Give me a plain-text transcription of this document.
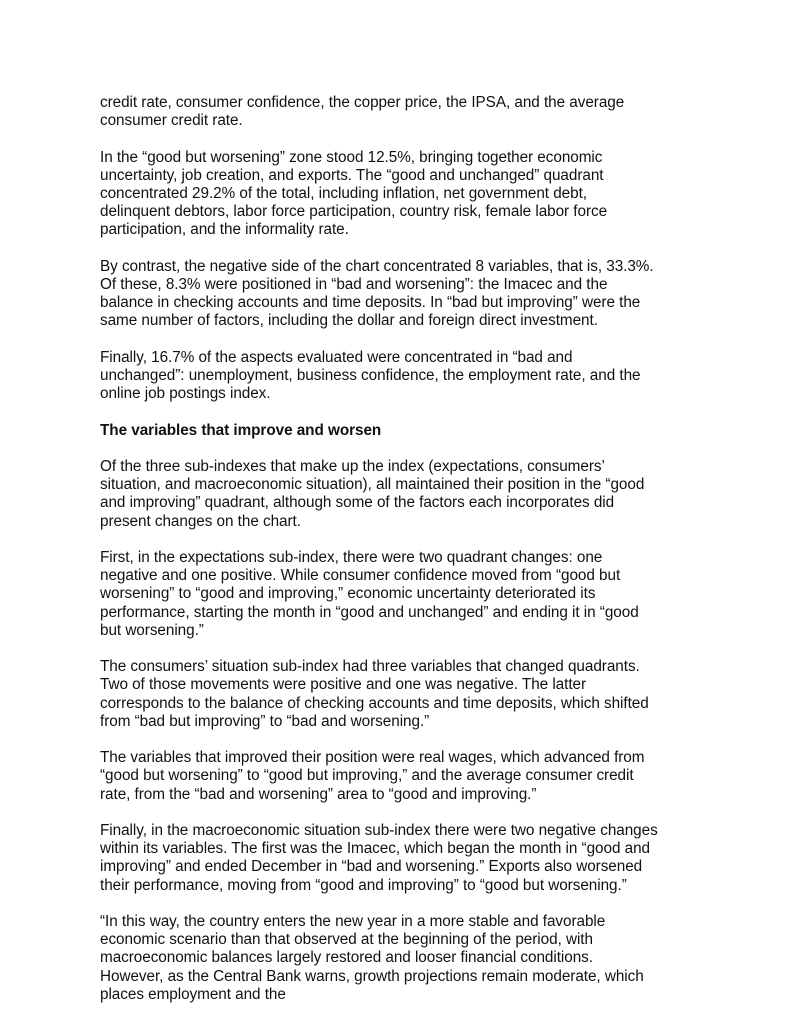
credit rate, consumer confidence, the copper price, the IPSA, and the average consumer credit rate.

In the “good but worsening” zone stood 12.5%, bringing together economic uncertainty, job creation, and exports. The “good and unchanged” quadrant concentrated 29.2% of the total, including inflation, net government debt, delinquent debtors, labor force participation, country risk, female labor force participation, and the informality rate.

By contrast, the negative side of the chart concentrated 8 variables, that is, 33.3%. Of these, 8.3% were positioned in “bad and worsening”: the Imacec and the balance in checking accounts and time deposits. In “bad but improving” were the same number of factors, including the dollar and foreign direct investment.

Finally, 16.7% of the aspects evaluated were concentrated in “bad and unchanged”: unemployment, business confidence, the employment rate, and the online job postings index.

The variables that improve and worsen

Of the three sub-indexes that make up the index (expectations, consumers’ situation, and macroeconomic situation), all maintained their position in the “good and improving” quadrant, although some of the factors each incorporates did present changes on the chart.

First, in the expectations sub-index, there were two quadrant changes: one negative and one positive. While consumer confidence moved from “good but worsening” to “good and improving,” economic uncertainty deteriorated its performance, starting the month in “good and unchanged” and ending it in “good but worsening.”

The consumers’ situation sub-index had three variables that changed quadrants. Two of those movements were positive and one was negative. The latter corresponds to the balance of checking accounts and time deposits, which shifted from “bad but improving” to “bad and worsening.”

The variables that improved their position were real wages, which advanced from “good but worsening” to “good but improving,” and the average consumer credit rate, from the “bad and worsening” area to “good and improving.”

Finally, in the macroeconomic situation sub-index there were two negative changes within its variables. The first was the Imacec, which began the month in “good and improving” and ended December in “bad and worsening.” Exports also worsened their performance, moving from “good and improving” to “good but worsening.”

“In this way, the country enters the new year in a more stable and favorable economic scenario than that observed at the beginning of the period, with macroeconomic balances largely restored and looser financial conditions. However, as the Central Bank warns, growth projections remain moderate, which places employment and the
